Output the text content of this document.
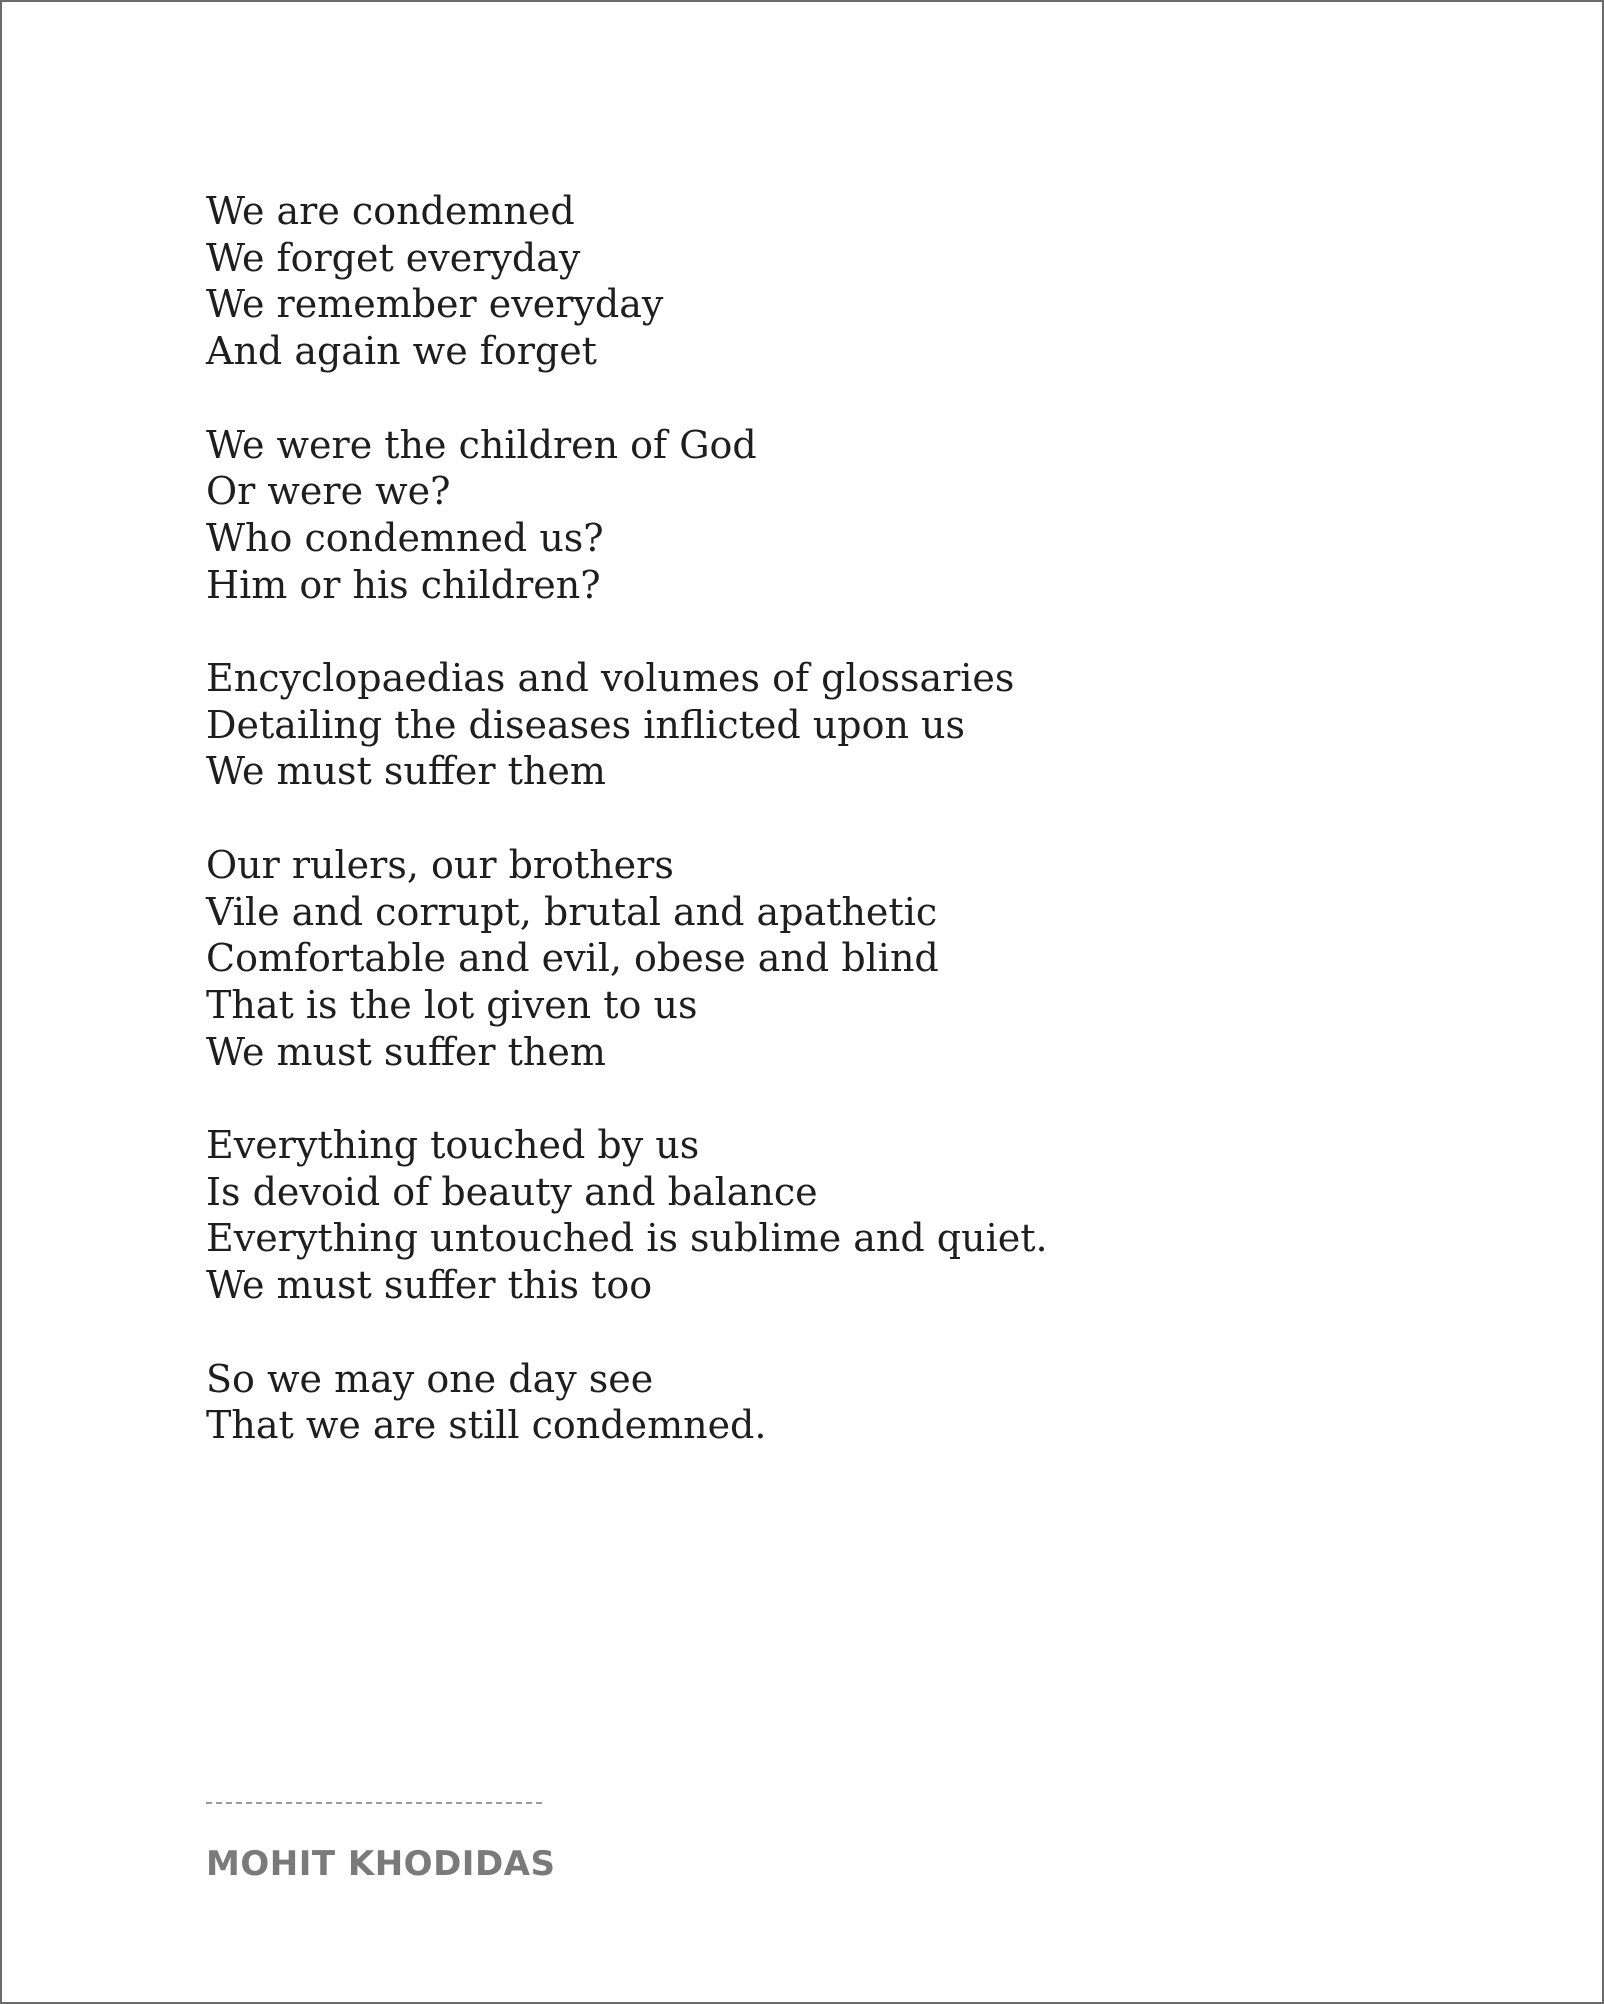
We are condemned
We forget everyday
We remember everyday
And again we forget
We were the children of God
Or were we?
Who condemned us?
Him or his children?
Encyclopaedias and volumes of glossaries
Detailing the diseases inflicted upon us
We must suffer them
Our rulers, our brothers
Vile and corrupt, brutal and apathetic
Comfortable and evil, obese and blind
That is the lot given to us
We must suffer them
Everything touched by us
Is devoid of beauty and balance
Everything untouched is sublime and quiet.
We must suffer this too
So we may one day see
That we are still condemned.
MOHIT KHODIDAS
